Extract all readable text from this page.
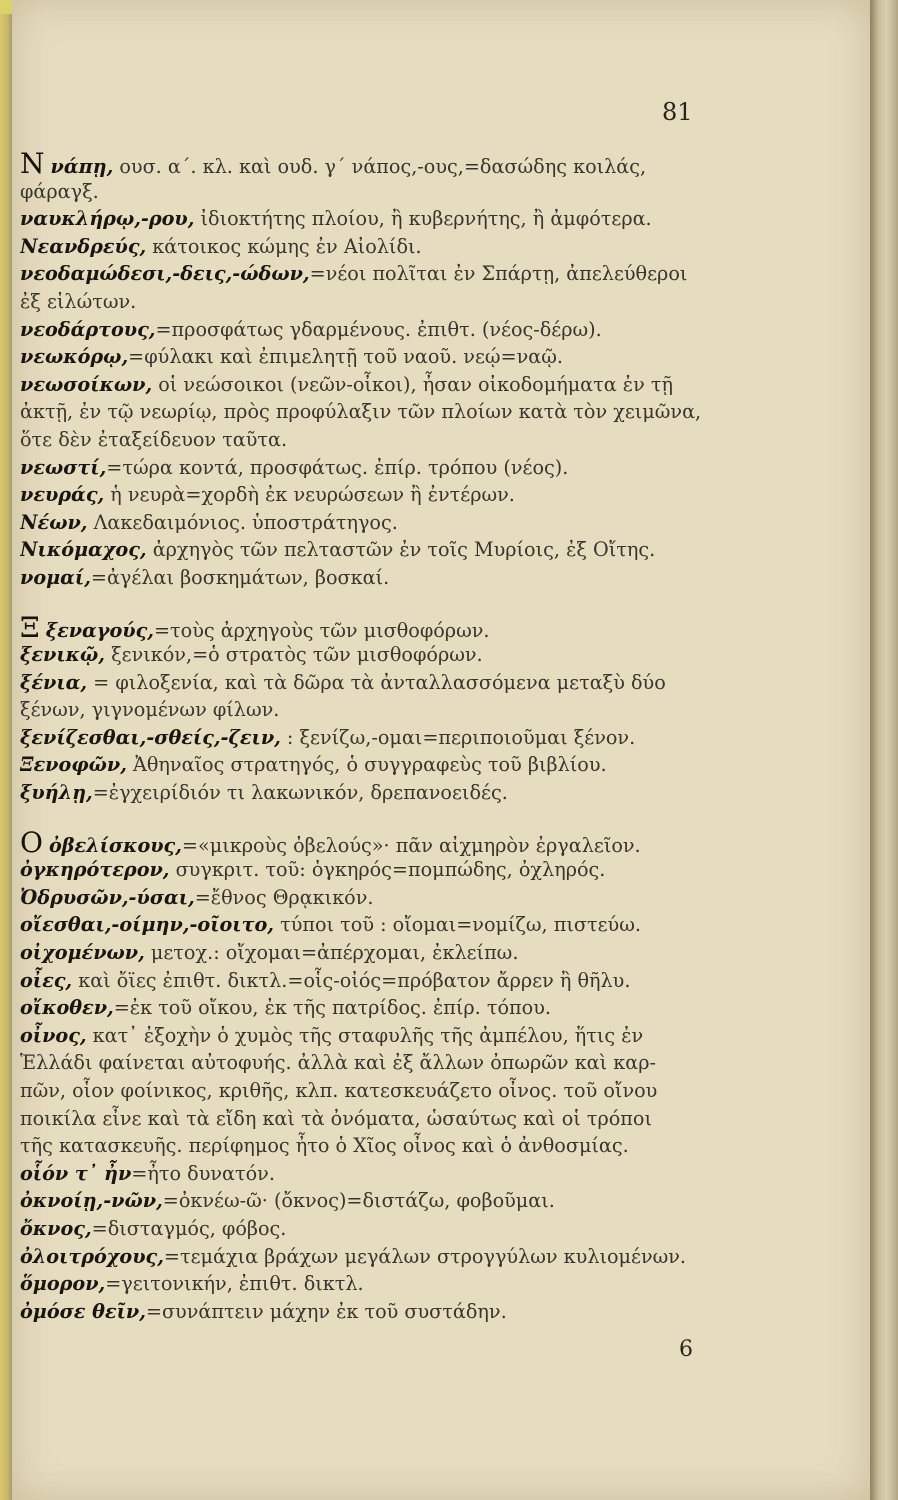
81
Ν νάπῃ, ουσ. α΄. κλ. καὶ ουδ. γ΄ νάπος,-ους,=δασώδης κοιλάς,
φάραγξ.
ναυκλήρῳ,-ρου, ἰδιοκτήτης πλοίου, ἢ κυβερνήτης, ἢ ἀμφότερα.
Νεανδρεύς, κάτοικος κώμης ἐν Αἰολίδι.
νεοδαμώδεσι,-δεις,-ώδων,=νέοι πολῖται ἐν Σπάρτῃ, ἀπελεύθεροι
ἐξ εἱλώτων.
νεοδάρτους,=προσφάτως γδαρμένους. ἐπιθτ. (νέος-δέρω).
νεωκόρῳ,=φύλακι καὶ ἐπιμελητῇ τοῦ ναοῦ. νεῴ=ναῷ.
νεωσοίκων, οἱ νεώσοικοι (νεῶν-οἶκοι), ἦσαν οἰκοδομήματα ἐν τῇ
ἀκτῇ, ἐν τῷ νεωρίῳ, πρὸς προφύλαξιν τῶν πλοίων κατὰ τὸν χειμῶνα,
ὅτε δὲν ἐταξείδευον ταῦτα.
νεωστί,=τώρα κοντά, προσφάτως. ἐπίρ. τρόπου (νέος).
νευράς, ἡ νευρὰ=χορδὴ ἐκ νευρώσεων ἢ ἐντέρων.
Νέων, Λακεδαιμόνιος. ὑποστράτηγος.
Νικόμαχος, ἀρχηγὸς τῶν πελταστῶν ἐν τοῖς Μυρίοις, ἐξ Οἴτης.
νομαί,=ἀγέλαι βοσκημάτων, βοσκαί.
Ξ ξεναγούς,=τοὺς ἀρχηγοὺς τῶν μισθοφόρων.
ξενικῷ, ξενικόν,=ὁ στρατὸς τῶν μισθοφόρων.
ξένια, = φιλοξενία, καὶ τὰ δῶρα τὰ ἀνταλλασσόμενα μεταξὺ δύο
ξένων, γιγνομένων φίλων.
ξενίζεσθαι,-σθείς,-ζειν, : ξενίζω,-ομαι=περιποιοῦμαι ξένον.
Ξενοφῶν, Ἀθηναῖος στρατηγός, ὁ συγγραφεὺς τοῦ βιβλίου.
ξυήλῃ,=ἐγχειρίδιόν τι λακωνικόν, δρεπανοειδές.
Ο ὀβελίσκους,=«μικροὺς ὀβελούς»· πᾶν αἰχμηρὸν ἐργαλεῖον.
ὀγκηρότερον, συγκριτ. τοῦ: ὀγκηρός=πομπώδης, ὀχληρός.
Ὀδρυσῶν,-ύσαι,=ἔθνος Θρᾳκικόν.
οἴεσθαι,-οίμην,-οῖοιτο, τύποι τοῦ : οἴομαι=νομίζω, πιστεύω.
οἰχομένων, μετοχ.: οἴχομαι=ἀπέρχομαι, ἐκλείπω.
οἶες, καὶ ὄϊες ἐπιθτ. δικτλ.=οἷς-οἰός=πρόβατον ἄρρεν ἢ θῆλυ.
οἴκοθεν,=ἐκ τοῦ οἴκου, ἐκ τῆς πατρίδος. ἐπίρ. τόπου.
οἶνος, κατ᾽ ἐξοχὴν ὁ χυμὸς τῆς σταφυλῆς τῆς ἀμπέλου, ἥτις ἐν
Ἑλλάδι φαίνεται αὐτοφυής. ἀλλὰ καὶ ἐξ ἄλλων ὀπωρῶν καὶ καρ-
πῶν, οἷον φοίνικος, κριθῆς, κλπ. κατεσκευάζετο οἶνος. τοῦ οἴνου
ποικίλα εἶνε καὶ τὰ εἴδη καὶ τὰ ὀνόματα, ὡσαύτως καὶ οἱ τρόποι
τῆς κατασκευῆς. περίφημος ἦτο ὁ Χῖος οἶνος καὶ ὁ ἀνθοσμίας.
οἷόν τ᾽ ἦν=ἦτο δυνατόν.
ὀκνοίῃ,-νῶν,=ὀκνέω-ῶ· (ὄκνος)=διστάζω, φοβοῦμαι.
ὄκνος,=δισταγμός, φόβος.
ὀλοιτρόχους,=τεμάχια βράχων μεγάλων στρογγύλων κυλιομένων.
ὅμορον,=γειτονικήν, ἐπιθτ. δικτλ.
ὀμόσε θεῖν,=συνάπτειν μάχην ἐκ τοῦ συστάδην.
6
